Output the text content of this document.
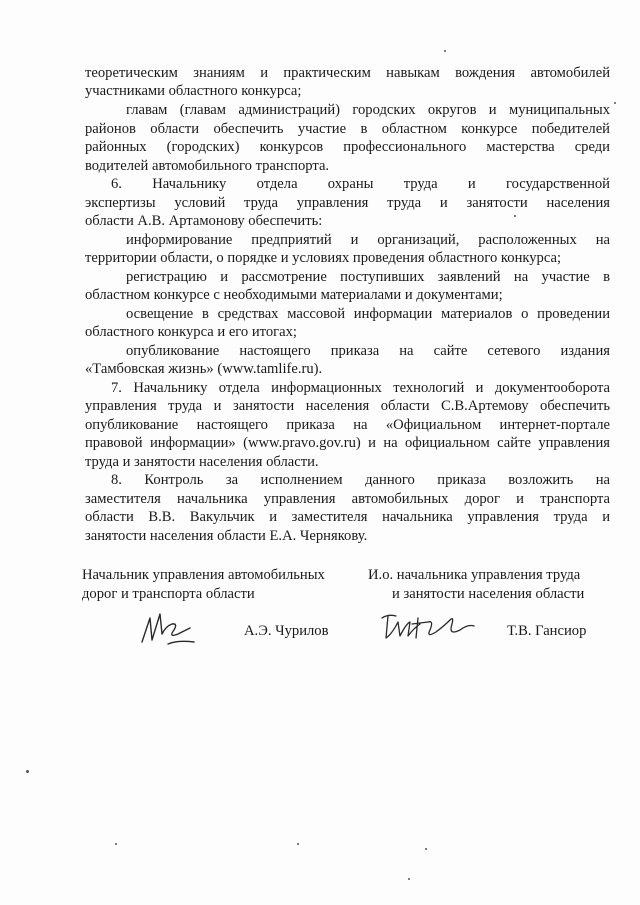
теоретическим знаниям и практическим навыкам вождения автомобилей
участниками областного конкурса;
главам (главам администраций) городских округов и муниципальных
районов области обеспечить участие в областном конкурсе победителей
районных (городских) конкурсов профессионального мастерства среди
водителей автомобильного транспорта.
6. Начальнику отдела охраны труда и государственной
экспертизы условий труда управления труда и занятости населения
области А.В. Артамонову обеспечить:
информирование предприятий и организаций, расположенных на
территории области, о порядке и условиях проведения областного конкурса;
регистрацию и рассмотрение поступивших заявлений на участие в
областном конкурсе с необходимыми материалами и документами;
освещение в средствах массовой информации материалов о проведении
областного конкурса и его итогах;
опубликование настоящего приказа на сайте сетевого издания
«Тамбовская жизнь» (www.tamlife.ru).
7. Начальнику отдела информационных технологий и документооборота
управления труда и занятости населения области С.В.Артемову обеспечить
опубликование настоящего приказа на «Официальном интернет-портале
правовой информации» (www.pravo.gov.ru) и на официальном сайте управления
труда и занятости населения области.
8. Контроль за исполнением данного приказа возложить на
заместителя начальника управления автомобильных дорог и транспорта
области В.В. Вакульчик и заместителя начальника управления труда и
занятости населения области Е.А. Чернякову.
Начальник управления автомобильных
дорог и транспорта области
А.Э. Чурилов
И.о. начальника управления труда
и занятости населения области
Т.В. Гансиор
